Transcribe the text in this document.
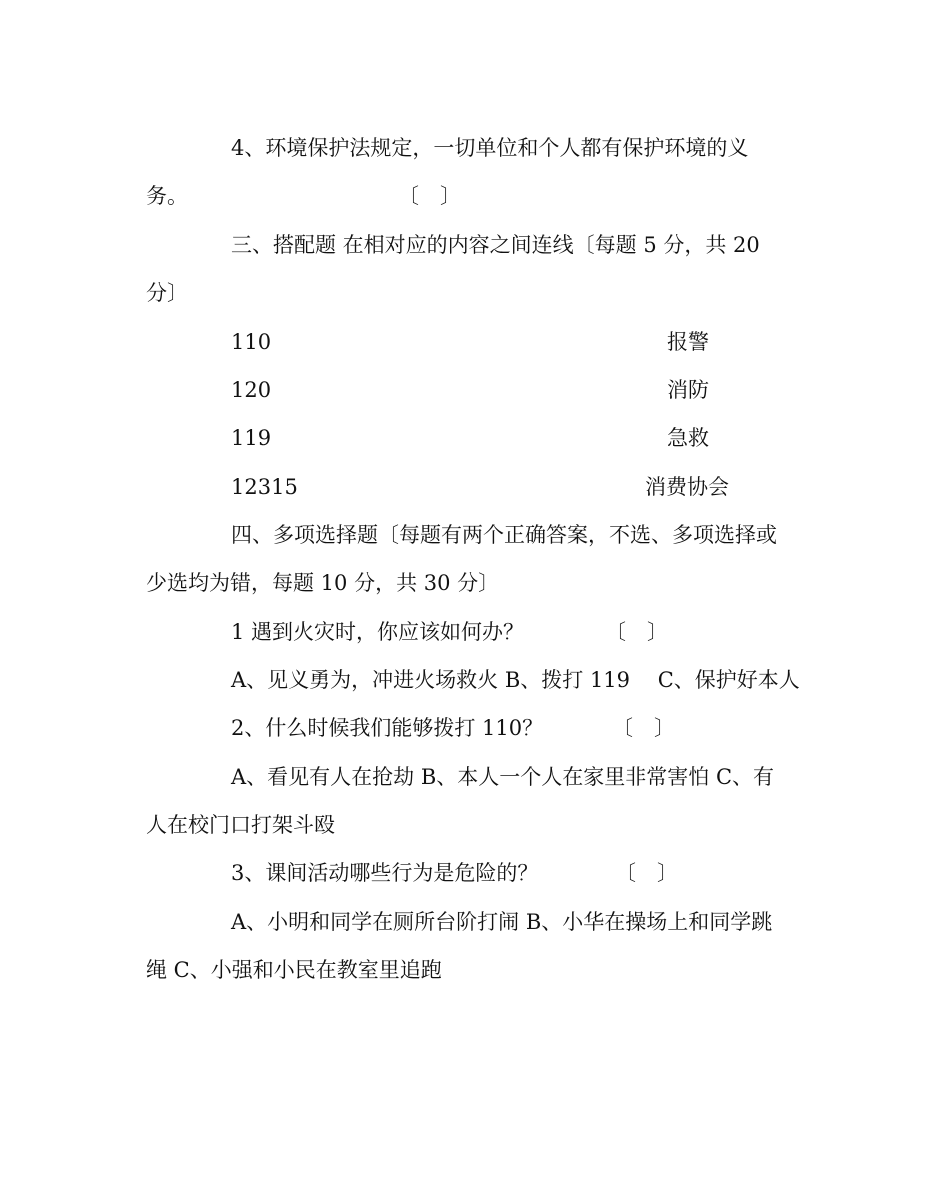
4、环境保护法规定，一切单位和个人都有保护环境的义
务。	〔　〕
三、搭配题 在相对应的内容之间连线〔每题 5 分，共 20
分〕
110	报警
120	消防
119	急救
12315	消费协会
四、多项选择题〔每题有两个正确答案，不选、多项选择或
少选均为错，每题 10 分，共 30 分〕
1 遇到火灾时，你应该如何办？	〔　〕
A、见义勇为，冲进火场救火 B、拨打 119　 C、保护好本人
2、什么时候我们能够拨打 110？	〔　〕
A、看见有人在抢劫 B、本人一个人在家里非常害怕 C、有
人在校门口打架斗殴
3、课间活动哪些行为是危险的？	〔　〕
A、小明和同学在厕所台阶打闹 B、小华在操场上和同学跳
绳 C、小强和小民在教室里追跑
